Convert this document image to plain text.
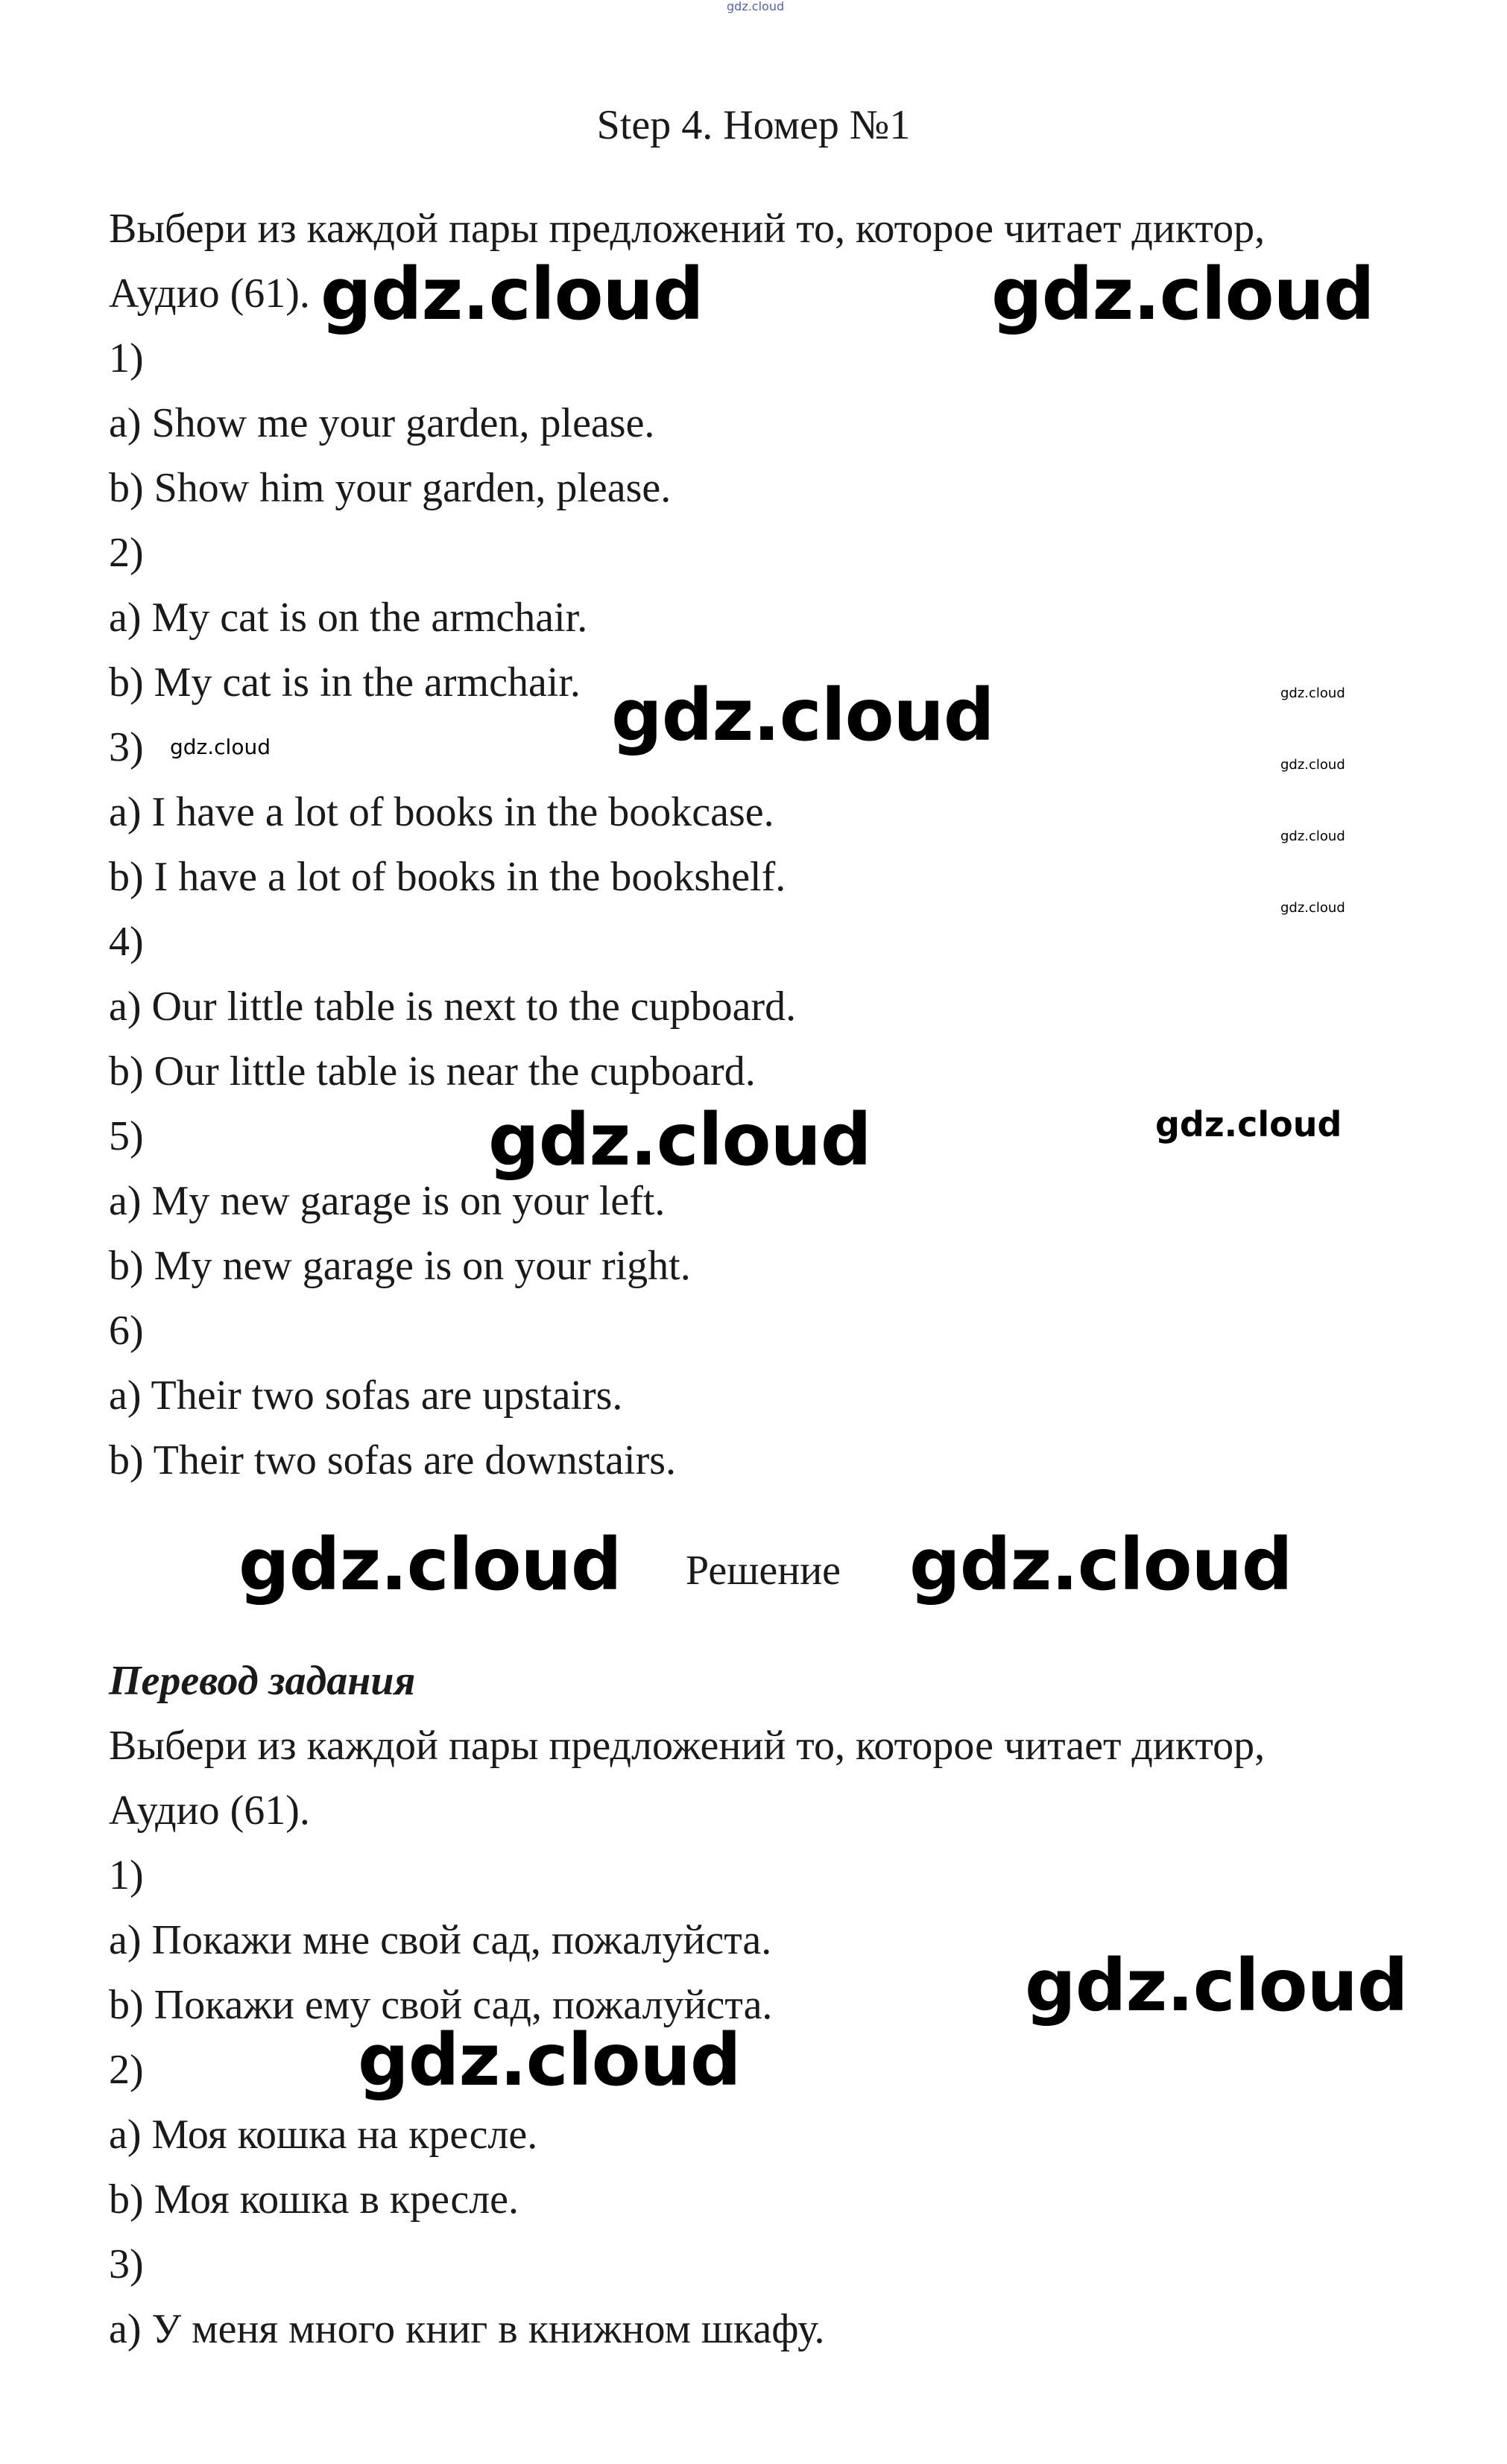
gdz.cloud

Step 4. Номер №1

Выбери из каждой пары предложений то, которое читает диктор,

Аудио (61).

1)

a) Show me your garden, please.

b) Show him your garden, please.

2)

a) My cat is on the armchair.

b) My cat is in the armchair.

3)

a) I have a lot of books in the bookcase.

b) I have a lot of books in the bookshelf.

4)

a) Our little table is next to the cupboard.

b) Our little table is near the cupboard.

5)

a) My new garage is on your left.

b) My new garage is on your right.

6)

a) Their two sofas are upstairs.

b) Their two sofas are downstairs.

Решение

Перевод задания

Выбери из каждой пары предложений то, которое читает диктор,

Аудио (61).

1)

a) Покажи мне свой сад, пожалуйста.

b) Покажи ему свой сад, пожалуйста.

2)

a) Моя кошка на кресле.

b) Моя кошка в кресле.

3)

a) У меня много книг в книжном шкафу.

gdz.cloud	gdz.cloud
gdz.cloud
gdz.cloud
gdz.cloud	gdz.cloud
gdz.cloud
gdz.cloud
gdz.cloud
gdz.cloud
gdz.cloud
gdz.cloud
gdz.cloud
gdz.cloud
